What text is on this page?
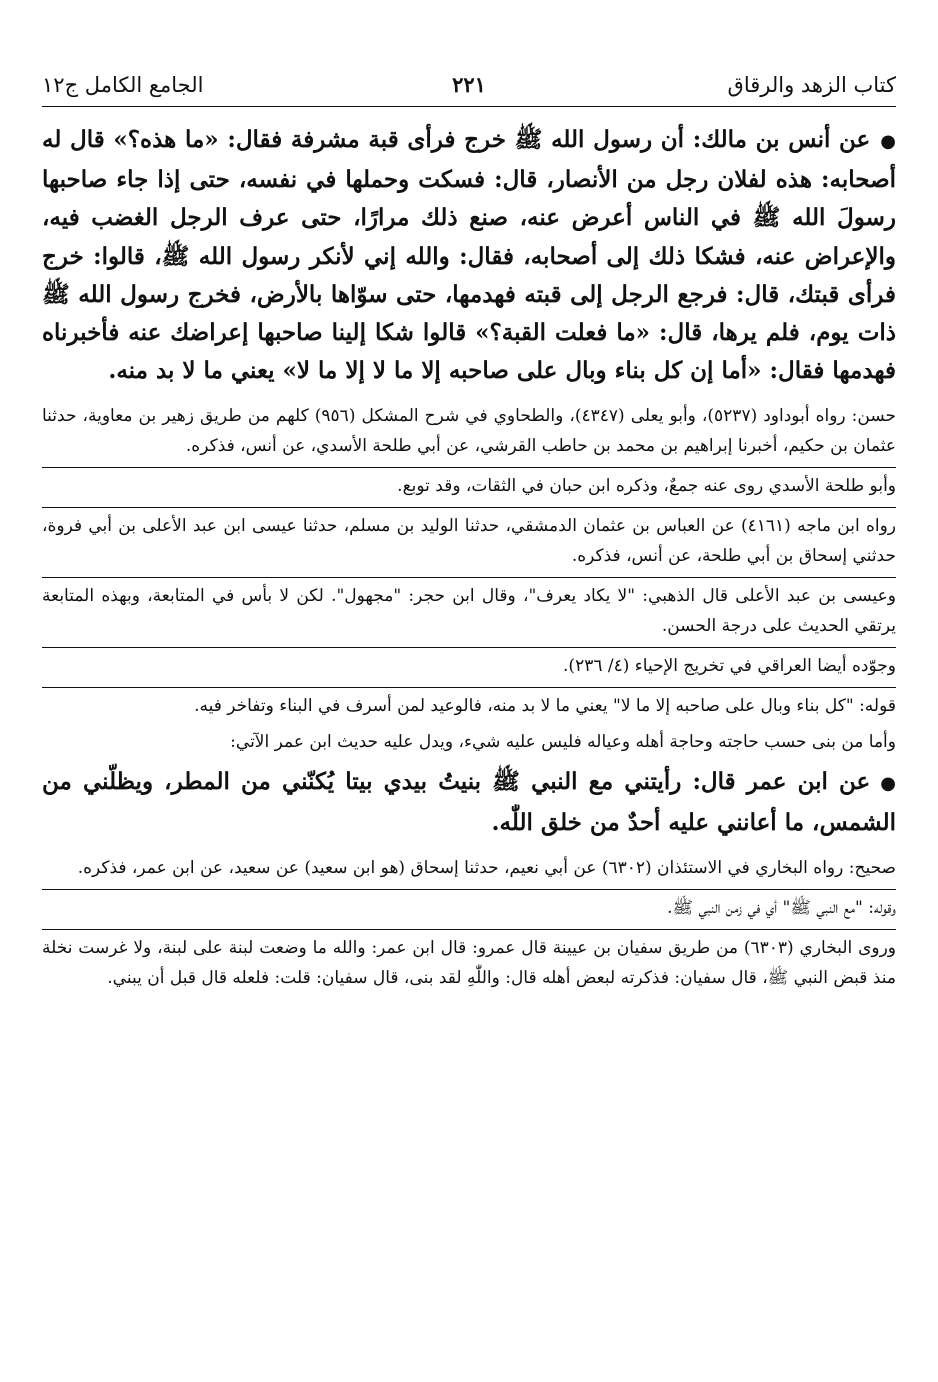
كتاب الزهد والرقاق
٢٢١
الجامع الكامل ج١٢

●عن أنس بن مالك: أن رسول الله ﷺ خرج فرأى قبة مشرفة فقال: «ما هذه؟» قال له أصحابه: هذه لفلان رجل من الأنصار، قال: فسكت وحملها في نفسه، حتى إذا جاء صاحبها رسولَ الله ﷺ في الناس أعرض عنه، صنع ذلك مرارًا، حتى عرف الرجل الغضب فيه، والإعراض عنه، فشكا ذلك إلى أصحابه، فقال: والله إني لأنكر رسول الله ﷺ، قالوا: خرج فرأى قبتك، قال: فرجع الرجل إلى قبته فهدمها، حتى سوّاها بالأرض، فخرج رسول الله ﷺ ذات يوم، فلم يرها، قال: «ما فعلت القبة؟» قالوا شكا إلينا صاحبها إعراضك عنه فأخبرناه فهدمها فقال: «أما إن كل بناء وبال على صاحبه إلا ما لا إلا ما لا» يعني ما لا بد منه.

حسن: رواه أبوداود (٥٢٣٧)، وأبو يعلى (٤٣٤٧)، والطحاوي في شرح المشكل (٩٥٦) كلهم من طريق زهير بن معاوية، حدثنا عثمان بن حكيم، أخبرنا إبراهيم بن محمد بن حاطب القرشي، عن أبي طلحة الأسدي، عن أنس، فذكره.

وأبو طلحة الأسدي روى عنه جمعٌ، وذكره ابن حبان في الثقات، وقد توبع.

رواه ابن ماجه (٤١٦١) عن العباس بن عثمان الدمشقي، حدثنا الوليد بن مسلم، حدثنا عيسى ابن عبد الأعلى بن أبي فروة، حدثني إسحاق بن أبي طلحة، عن أنس، فذكره.

وعيسى بن عبد الأعلى قال الذهبي: "لا يكاد يعرف"، وقال ابن حجر: "مجهول". لكن لا بأس في المتابعة، وبهذه المتابعة يرتقي الحديث على درجة الحسن.

وجوّده أيضا العراقي في تخريج الإحياء (٤/ ٢٣٦).

قوله: "كل بناء وبال على صاحبه إلا ما لا" يعني ما لا بد منه، فالوعيد لمن أسرف في البناء وتفاخر فيه.

وأما من بنى حسب حاجته وحاجة أهله وعياله فليس عليه شيء، ويدل عليه حديث ابن عمر الآتي:

●عن ابن عمر قال: رأيتني مع النبي ﷺ بنيتُ بيدي بيتا يُكنّني من المطر، ويظلّني من الشمس، ما أعانني عليه أحدٌ من خلق اللّٰه.

صحيح: رواه البخاري في الاستئذان (٦٣٠٢) عن أبي نعيم، حدثنا إسحاق (هو ابن سعيد) عن سعيد، عن ابن عمر، فذكره.

وقوله: "مع النبي ﷺ" أي في زمن النبي ﷺ.

وروى البخاري (٦٣٠٣) من طريق سفيان بن عيينة قال عمرو: قال ابن عمر: والله ما وضعت لبنة على لبنة، ولا غرست نخلة منذ قبض النبي ﷺ، قال سفيان: فذكرته لبعض أهله قال: واللّٰهِ لقد بنى، قال سفيان: قلت: فلعله قال قبل أن يبني.
